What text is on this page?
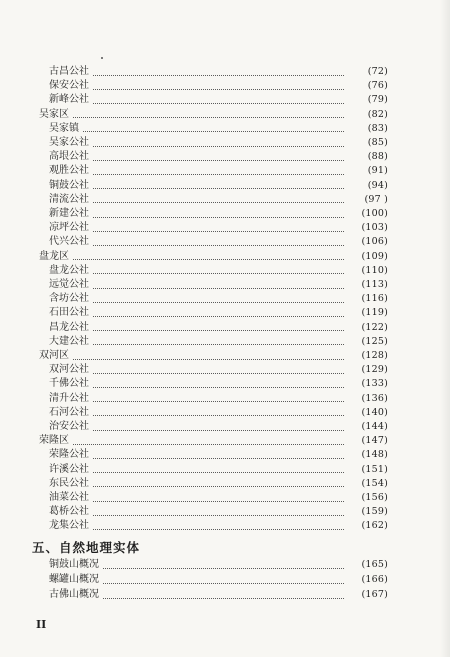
古昌公社	(72)
保安公社	(76)
新峰公社	(79)
吴家区	(82)
吴家镇	(83)
吴家公社	(85)
高垠公社	(88)
观胜公社	(91)
铜鼓公社	(94)
清流公社	(97 )
新建公社	(100)
凉坪公社	(103)
代兴公社	(106)
盘龙区	(109)
盘龙公社	(110)
远觉公社	(113)
含坊公社	(116)
石田公社	(119)
昌龙公社	(122)
大建公社	(125)
双河区	(128)
双河公社	(129)
千佛公社	(133)
清升公社	(136)
石河公社	(140)
治安公社	(144)
荣隆区	(147)
荣隆公社	(148)
许溪公社	(151)
东民公社	(154)
油菜公社	(156)
葛桥公社	(159)
龙集公社	(162)
五、自然地理实体
铜鼓山概况	(165)
螺罐山概况	(166)
古佛山概况	(167)
II
